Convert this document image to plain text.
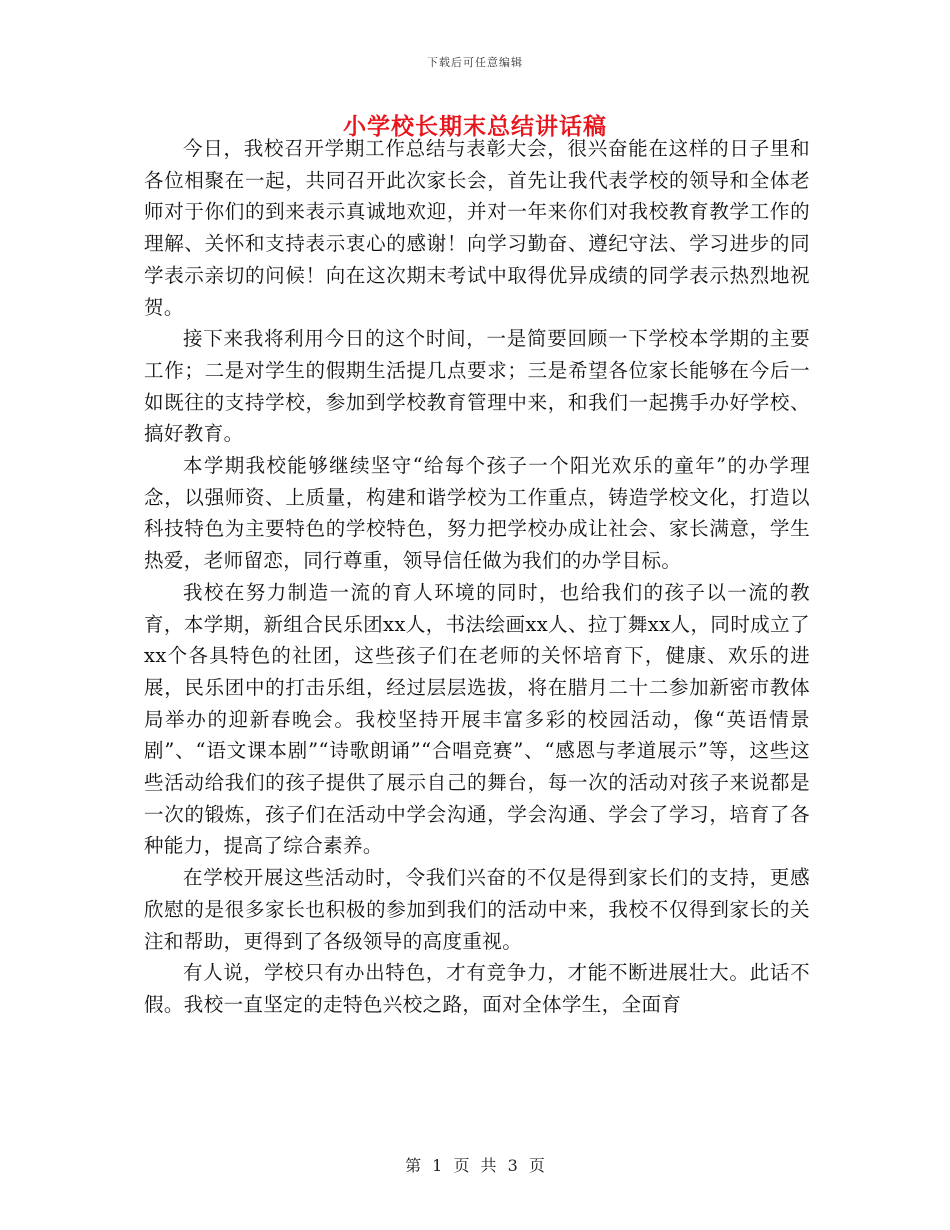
下载后可任意编辑
小学校长期末总结讲话稿

今日，我校召开学期工作总结与表彰大会，很兴奋能在这样的日子里和各位相聚在一起，共同召开此次家长会，首先让我代表学校的领导和全体老师对于你们的到来表示真诚地欢迎，并对一年来你们对我校教育教学工作的理解、关怀和支持表示衷心的感谢！向学习勤奋、遵纪守法、学习进步的同学表示亲切的问候！向在这次期末考试中取得优异成绩的同学表示热烈地祝贺。

接下来我将利用今日的这个时间，一是简要回顾一下学校本学期的主要工作；二是对学生的假期生活提几点要求；三是希望各位家长能够在今后一如既往的支持学校，参加到学校教育管理中来，和我们一起携手办好学校、搞好教育。

本学期我校能够继续坚守“给每个孩子一个阳光欢乐的童年”的办学理念，以强师资、上质量，构建和谐学校为工作重点，铸造学校文化，打造以科技特色为主要特色的学校特色，努力把学校办成让社会、家长满意，学生热爱，老师留恋，同行尊重，领导信任做为我们的办学目标。

我校在努力制造一流的育人环境的同时，也给我们的孩子以一流的教育，本学期，新组合民乐团xx人，书法绘画xx人、拉丁舞xx人，同时成立了xx个各具特色的社团，这些孩子们在老师的关怀培育下，健康、欢乐的进展，民乐团中的打击乐组，经过层层选拔，将在腊月二十二参加新密市教体局举办的迎新春晚会。我校坚持开展丰富多彩的校园活动，像“英语情景剧”、“语文课本剧”“诗歌朗诵”“合唱竞赛”、“感恩与孝道展示”等，这些这些活动给我们的孩子提供了展示自己的舞台，每一次的活动对孩子来说都是一次的锻炼，孩子们在活动中学会沟通，学会沟通、学会了学习，培育了各种能力，提高了综合素养。

在学校开展这些活动时，令我们兴奋的不仅是得到家长们的支持，更感欣慰的是很多家长也积极的参加到我们的活动中来，我校不仅得到家长的关注和帮助，更得到了各级领导的高度重视。

有人说，学校只有办出特色，才有竞争力，才能不断进展壮大。此话不假。我校一直坚定的走特色兴校之路，面对全体学生，全面育

第 1 页 共 3 页
